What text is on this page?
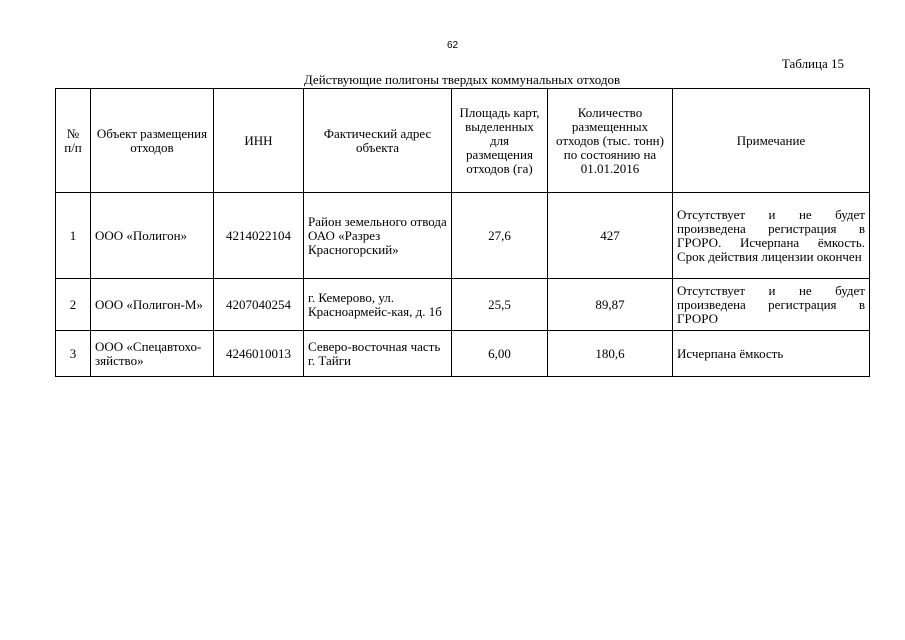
62
Таблица 15
Действующие полигоны твердых коммунальных отходов
№ п/п	Объект размещения отходов	ИНН	Фактический адрес объекта	Площадь карт, выделенных для размещения отходов (га)	Количество размещенных отходов (тыс. тонн) по состоянию на 01.01.2016	Примечание
1	ООО «Полигон»	4214022104	Район земельного отвода ОАО «Разрез Красногорский»	27,6	427	Отсутствует и не будет произведена регистрация в ГРОРО. Исчерпана ёмкость. Срок действия лицензии окончен
2	ООО «Полигон-М»	4207040254	г. Кемерово, ул. Красноармейс-кая, д. 1б	25,5	89,87	Отсутствует и не будет произведена регистрация в ГРОРО
3	ООО «Спецавтохо-зяйство»	4246010013	Северо-восточная часть г. Тайги	6,00	180,6	Исчерпана ёмкость
